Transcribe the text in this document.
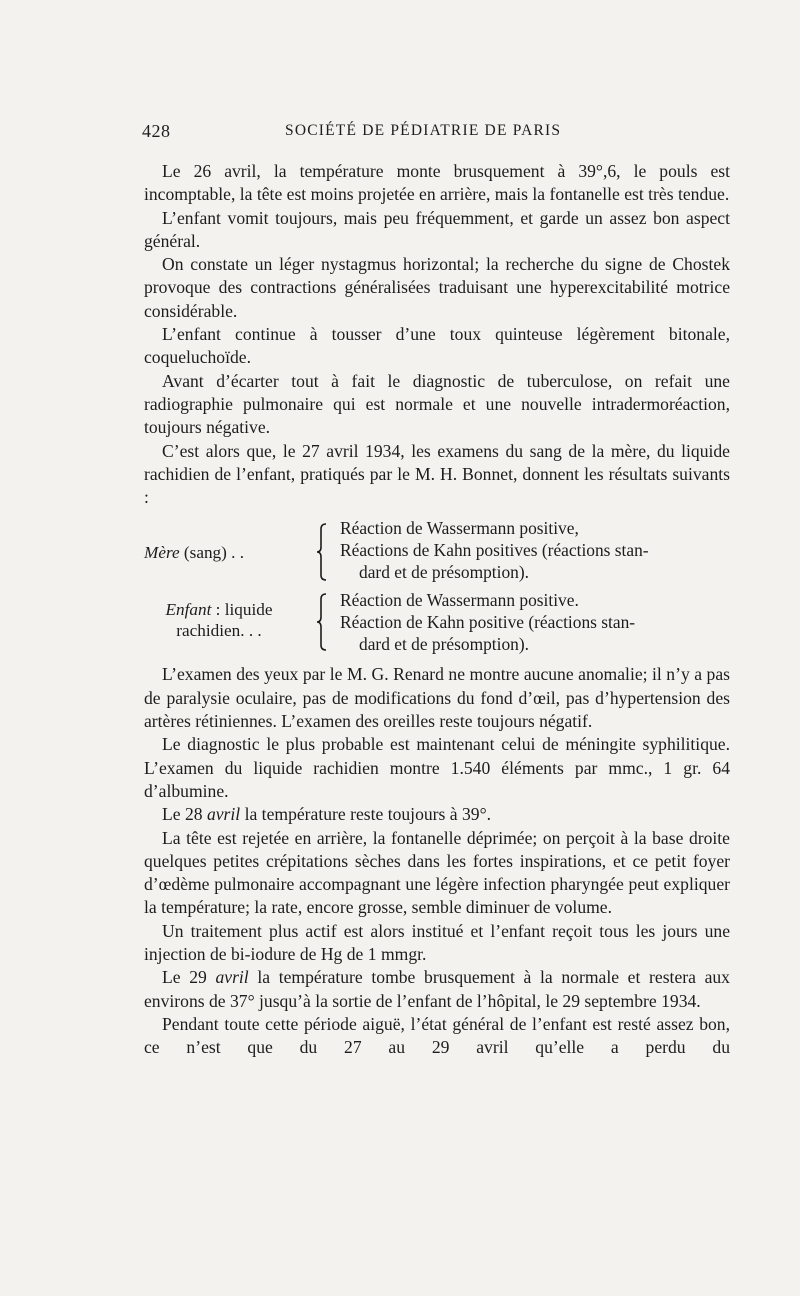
428	SOCIÉTÉ DE PÉDIATRIE DE PARIS

Le 26 avril, la température monte brusquement à 39°,6, le pouls est incomptable, la tête est moins projetée en arrière, mais la fontanelle est très tendue.

L’enfant vomit toujours, mais peu fréquemment, et garde un assez bon aspect général.

On constate un léger nystagmus horizontal; la recherche du signe de Chostek provoque des contractions généralisées traduisant une hyperexcitabilité motrice considérable.

L’enfant continue à tousser d’une toux quinteuse légèrement bitonale, coqueluchoïde.

Avant d’écarter tout à fait le diagnostic de tuberculose, on refait une radiographie pulmonaire qui est normale et une nouvelle intradermoréaction, toujours négative.

C’est alors que, le 27 avril 1934, les examens du sang de la mère, du liquide rachidien de l’enfant, pratiqués par le M. H. Bonnet, donnent les résultats suivants :

Mère (sang) . .
Réaction de Wassermann positive,
Réactions de Kahn positives (réactions stan-
dard et de présomption).
Enfant : liquide
rachidien. . .
Réaction de Wassermann positive.
Réaction de Kahn positive (réactions stan-
dard et de présomption).

L’examen des yeux par le M. G. Renard ne montre aucune anomalie; il n’y a pas de paralysie oculaire, pas de modifications du fond d’œil, pas d’hypertension des artères rétiniennes. L’examen des oreilles reste toujours négatif.

Le diagnostic le plus probable est maintenant celui de méningite syphilitique. L’examen du liquide rachidien montre 1.540 éléments par mmc., 1 gr. 64 d’albumine.

Le 28 avril la température reste toujours à 39°.

La tête est rejetée en arrière, la fontanelle déprimée; on perçoit à la base droite quelques petites crépitations sèches dans les fortes inspirations, et ce petit foyer d’œdème pulmonaire accompagnant une légère infection pharyngée peut expliquer la température; la rate, encore grosse, semble diminuer de volume.

Un traitement plus actif est alors institué et l’enfant reçoit tous les jours une injection de bi-iodure de Hg de 1 mmgr.

Le 29 avril la température tombe brusquement à la normale et restera aux environs de 37° jusqu’à la sortie de l’enfant de l’hôpital, le 29 septembre 1934.

Pendant toute cette période aiguë, l’état général de l’enfant est resté assez bon, ce n’est que du 27 au 29 avril qu’elle a perdu du
